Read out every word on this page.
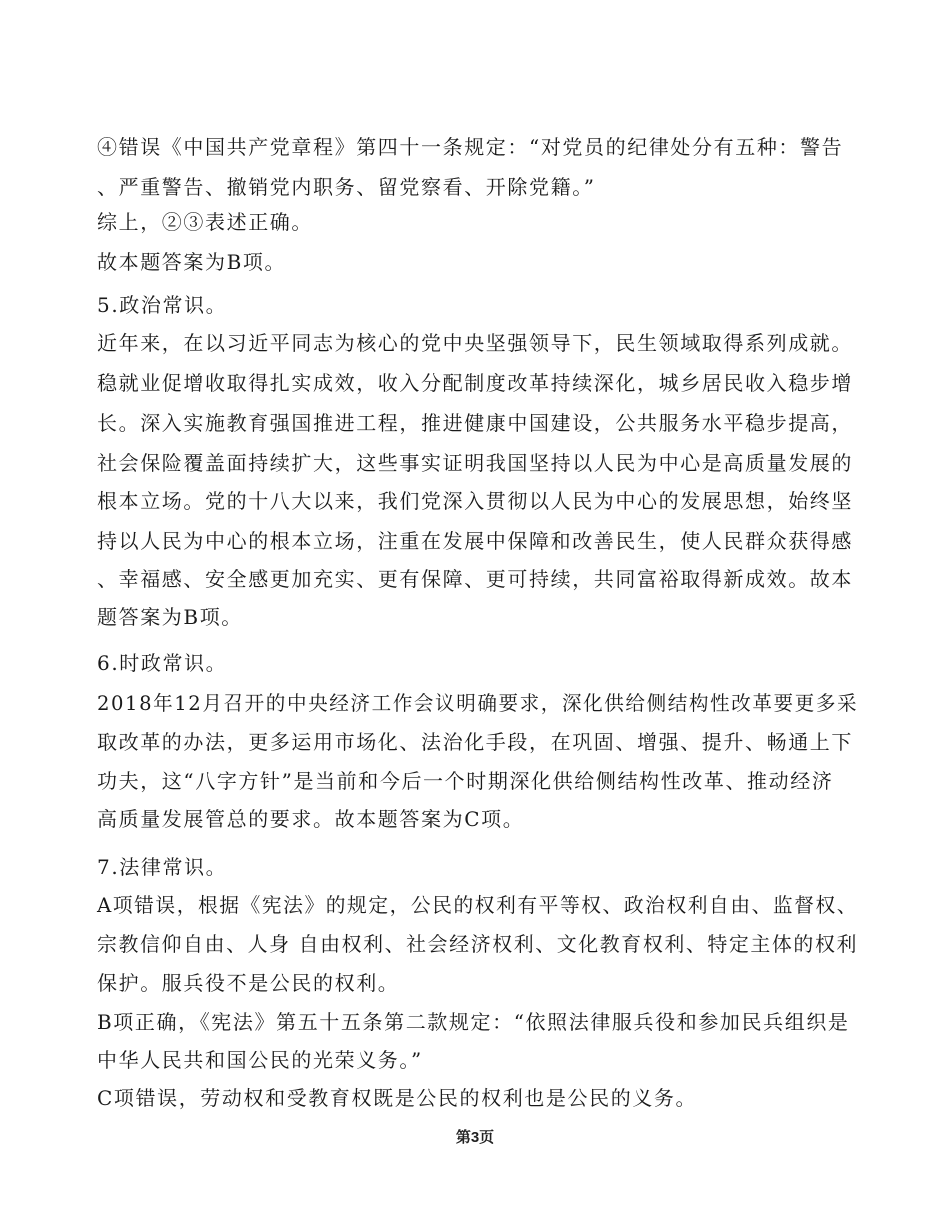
④错误《中国共产党章程》第四十一条规定：“对党员的纪律处分有五种：警告
、严重警告、撤销党内职务、留党察看、开除党籍。”
综上，②③表述正确。
故本题答案为B项。
5.政治常识。
近年来，在以习近平同志为核心的党中央坚强领导下，民生领域取得系列成就。
稳就业促增收取得扎实成效，收入分配制度改革持续深化，城乡居民收入稳步增
长。深入实施教育强国推进工程，推进健康中国建设，公共服务水平稳步提高，
社会保险覆盖面持续扩大，这些事实证明我国坚持以人民为中心是高质量发展的
根本立场。党的十八大以来，我们党深入贯彻以人民为中心的发展思想，始终坚
持以人民为中心的根本立场，注重在发展中保障和改善民生，使人民群众获得感
、幸福感、安全感更加充实、更有保障、更可持续，共同富裕取得新成效。故本
题答案为B项。
6.时政常识。
2018年12月召开的中央经济工作会议明确要求，深化供给侧结构性改革要更多采
取改革的办法，更多运用市场化、法治化手段，在巩固、增强、提升、畅通上下
功夫，这“八字方针”是当前和今后一个时期深化供给侧结构性改革、推动经济
高质量发展管总的要求。故本题答案为C项。
7.法律常识。
A项错误，根据《宪法》的规定，公民的权利有平等权、政治权利自由、监督权、
宗教信仰自由、人身 自由权利、社会经济权利、文化教育权利、特定主体的权利
保护。服兵役不是公民的权利。
B项正确，《宪法》第五十五条第二款规定：“依照法律服兵役和参加民兵组织是
中华人民共和国公民的光荣义务。”
C项错误，劳动权和受教育权既是公民的权利也是公民的义务。
第3页
